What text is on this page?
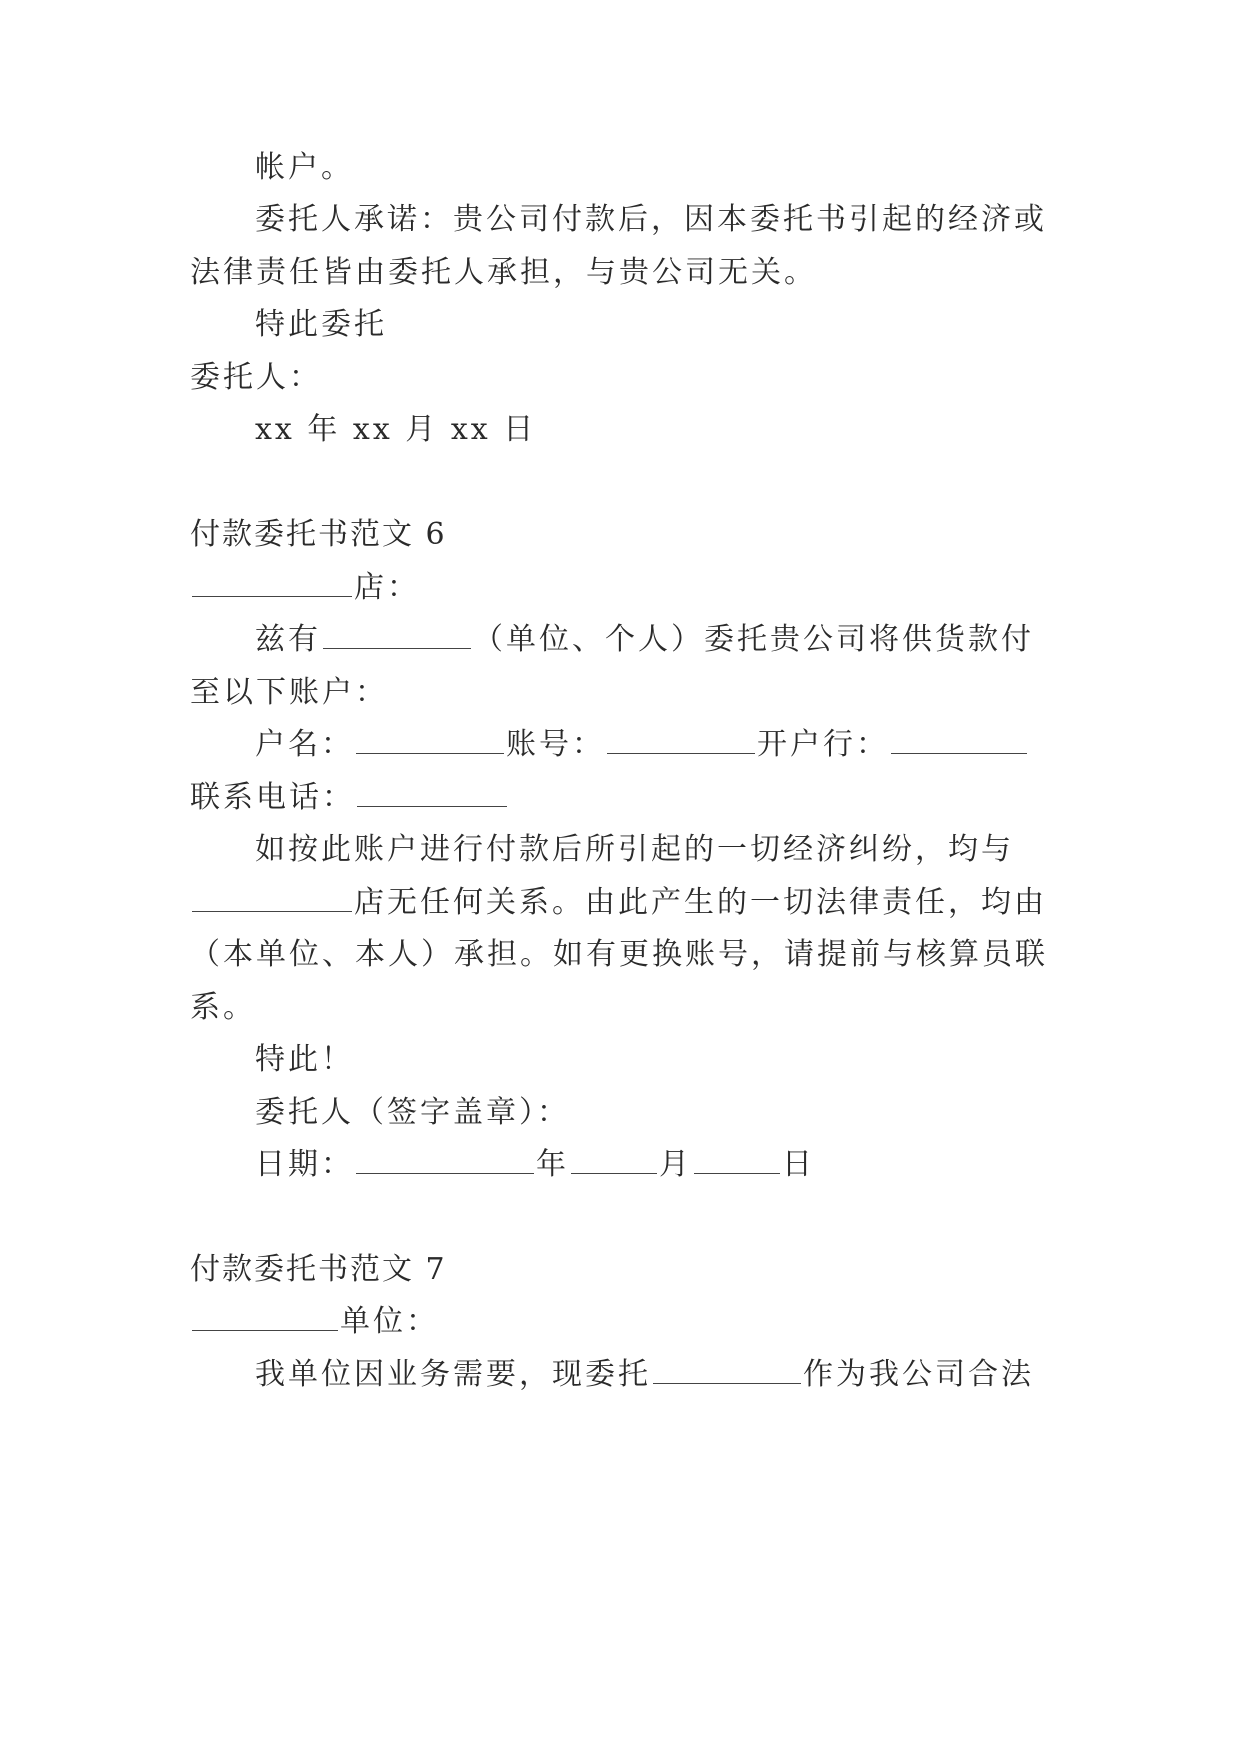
帐户。
委托人承诺：贵公司付款后，因本委托书引起的经济或
法律责任皆由委托人承担，与贵公司无关。
特此委托
委托人：
xx 年 xx 月 xx 日
付款委托书范文 6
店：
兹有	（单位、个人）委托贵公司将供货款付
至以下账户：
户名：	账号：	开户行：
联系电话：
如按此账户进行付款后所引起的一切经济纠纷，均与
店无任何关系。由此产生的一切法律责任，均由
（本单位、本人）承担。如有更换账号，请提前与核算员联
系。
特此！
委托人（签字盖章）：
日期：	年	月	日
付款委托书范文 7
单位：
我单位因业务需要，现委托	作为我公司合法
